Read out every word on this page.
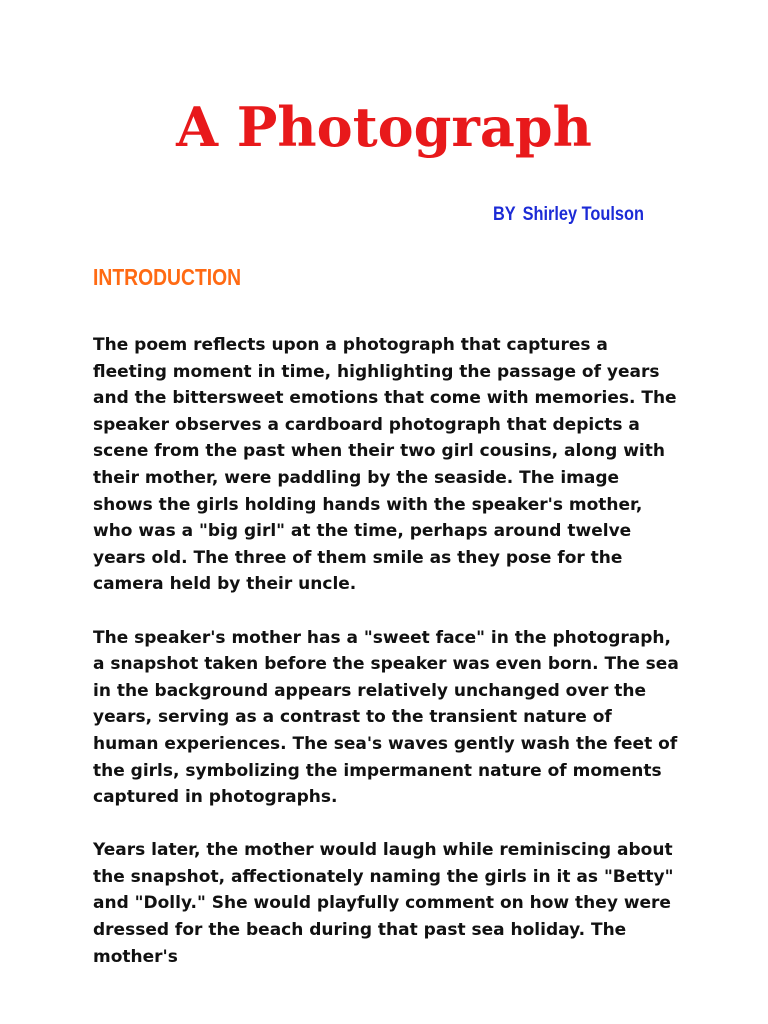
A Photograph
BY Shirley Toulson
INTRODUCTION

The poem reflects upon a photograph that captures a fleeting moment in time, highlighting the passage of years and the bittersweet emotions that come with memories. The speaker observes a cardboard photograph that depicts a scene from the past when their two girl cousins, along with their mother, were paddling by the seaside. The image shows the girls holding hands with the speaker's mother, who was a "big girl" at the time, perhaps around twelve years old. The three of them smile as they pose for the camera held by their uncle.

The speaker's mother has a "sweet face" in the photograph, a snapshot taken before the speaker was even born. The sea in the background appears relatively unchanged over the years, serving as a contrast to the transient nature of human experiences. The sea's waves gently wash the feet of the girls, symbolizing the impermanent nature of moments captured in photographs.

Years later, the mother would laugh while reminiscing about the snapshot, affectionately naming the girls in it as "Betty" and "Dolly." She would playfully comment on how they were dressed for the beach during that past sea holiday. The mother's
